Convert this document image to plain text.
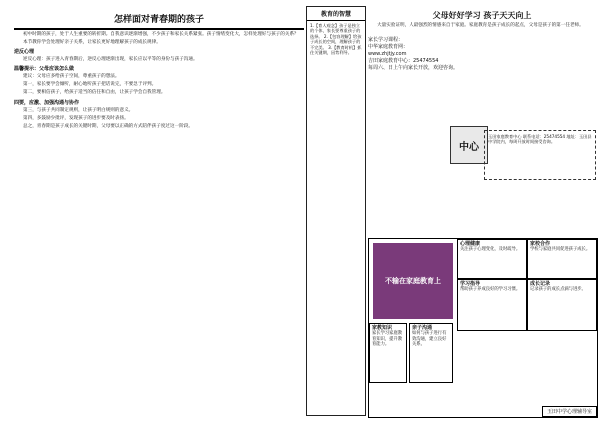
怎样面对青春期的孩子

初中时期的孩子，处于人生重要的转折期。自我意识逐渐增强，不少孩子和家长关系紧张。孩子情绪变化大，怎样处理好与孩子的关系？

本节教你学会处理好亲子关系，让家长更好地理解孩子的成长规律。

逆反心理

逆反心理：孩子进入青春期后，逆反心理逐渐出现，家长应以平等的身份与孩子沟通。

温馨提示：父母应该怎么做

建议：父母应多给孩子空间，尊重孩子的想法。

第一，家长要学会倾听，耐心地听孩子把话说完，不要急于评判。

第二，要相信孩子，给孩子适当的信任和自由，让孩子学会自我管理。

四要，应激、加强沟通与协作

第三，与孩子共同制定规则，让孩子明白规则的意义。

第四，多鼓励少批评，发现孩子的进步要及时表扬。

总之，青春期是孩子成长的关键时期，父母要以正确的方式陪伴孩子度过这一阶段。

教育的智慧
1.【育人观念】孩子是独立的个体，家长要尊重孩子的选择。 2.【包容理解】给孩子成长的空间，理解孩子的不完美。 3.【教育时机】抓住关键期，因势利导。
父母好好学习 孩子天天向上

大量实验证明，人最强烈的情感来自于家庭。家庭教育是孩子成长的起点，父母是孩子的第一任老师。

家长学习课程：
中华家庭教育网：
www.zhjtjy.com
吉田家庭教育中心：25474554
每周六、日上午向家长开放，欢迎咨询。
中心
玉田家庭教育中心 联系电话：25474554 地址：玉田县中学院内，每周开放时间接受咨询。
不输在家庭教育上
家教知识
家长学习家庭教育知识，提升教育能力。
亲子沟通
如何与孩子进行有效沟通，建立良好关系。
心理健康
关注孩子心理变化，及时疏导。
家校合作
学校与家庭共同促进孩子成长。
学习指导
帮助孩子养成良好的学习习惯。
成长记录
记录孩子的成长点滴与进步。
玉田中学心理辅导室
